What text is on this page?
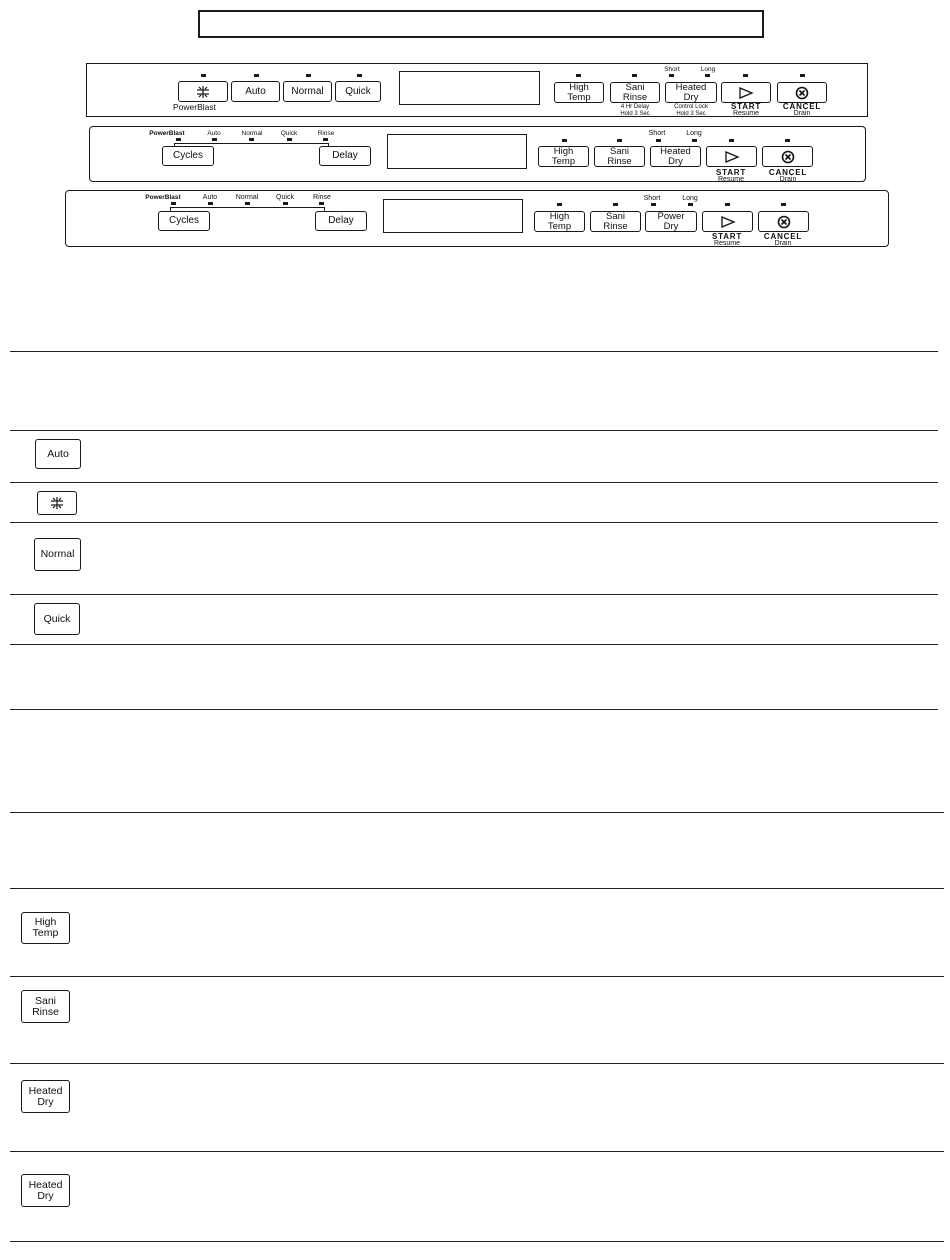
Short	Long
PowerBlast
Auto	Normal	Quick	High
Temp
Sani
Rinse
Heated
Dry
4 Hr Delay
Hold 3 Sec
Control Lock
Hold 3 Sec
START
Resume
CANCEL
Drain
PowerBlast	Auto	Normal	Quick	Rinse
Cycles	Delay
Short	Long
High
Temp
Sani
Rinse
Heated
Dry
START
Resume
CANCEL
Drain
PowerBlast	Auto	Normal	Quick	Rinse
Cycles	Delay
Short	Long
High
Temp
Sani
Rinse
Power
Dry
START
Resume
CANCEL
Drain
Auto
Normal
Quick
High
Temp
Sani
Rinse
Heated
Dry
Heated
Dry
